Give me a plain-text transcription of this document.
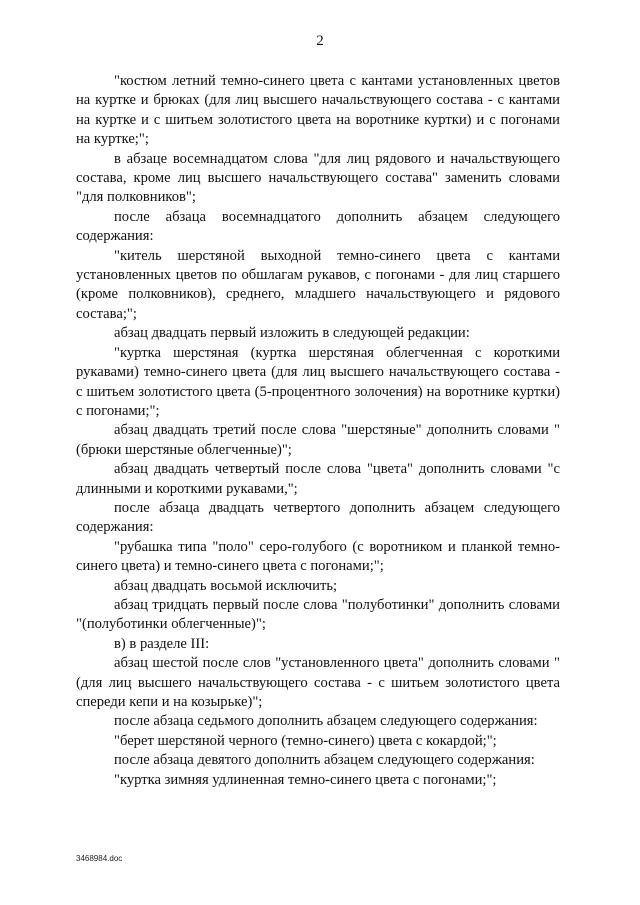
2

"костюм летний темно-синего цвета с кантами установленных цветов на куртке и брюках (для лиц высшего начальствующего состава - с кантами на куртке и с шитьем золотистого цвета на воротнике куртки) и с погонами на куртке;";

в абзаце восемнадцатом слова "для лиц рядового и начальствующего состава, кроме лиц высшего начальствующего состава" заменить словами "для полковников";

после абзаца восемнадцатого дополнить абзацем следующего содержания:

"китель шерстяной выходной темно-синего цвета с кантами установленных цветов по обшлагам рукавов, с погонами - для лиц старшего (кроме полковников), среднего, младшего начальствующего и рядового состава;";

абзац двадцать первый изложить в следующей редакции:

"куртка шерстяная (куртка шерстяная облегченная с короткими рукавами) темно-синего цвета (для лиц высшего начальствующего состава - с шитьем золотистого цвета (5-процентного золочения) на воротнике куртки) с погонами;";

абзац двадцать третий после слова "шерстяные" дополнить словами "(брюки шерстяные облегченные)";

абзац двадцать четвертый после слова "цвета" дополнить словами "с длинными и короткими рукавами,";

после абзаца двадцать четвертого дополнить абзацем следующего содержания:

"рубашка типа "поло" серо-голубого (с воротником и планкой темно-синего цвета) и темно-синего цвета с погонами;";

абзац двадцать восьмой исключить;

абзац тридцать первый после слова "полуботинки" дополнить словами "(полуботинки облегченные)";

в) в разделе III:

абзац шестой после слов "установленного цвета" дополнить словами "(для лиц высшего начальствующего состава - с шитьем золотистого цвета спереди кепи и на козырьке)";

после абзаца седьмого дополнить абзацем следующего содержания:

"берет шерстяной черного (темно-синего) цвета с кокардой;";

после абзаца девятого дополнить абзацем следующего содержания:

"куртка зимняя удлиненная темно-синего цвета с погонами;";

3468984.doc
